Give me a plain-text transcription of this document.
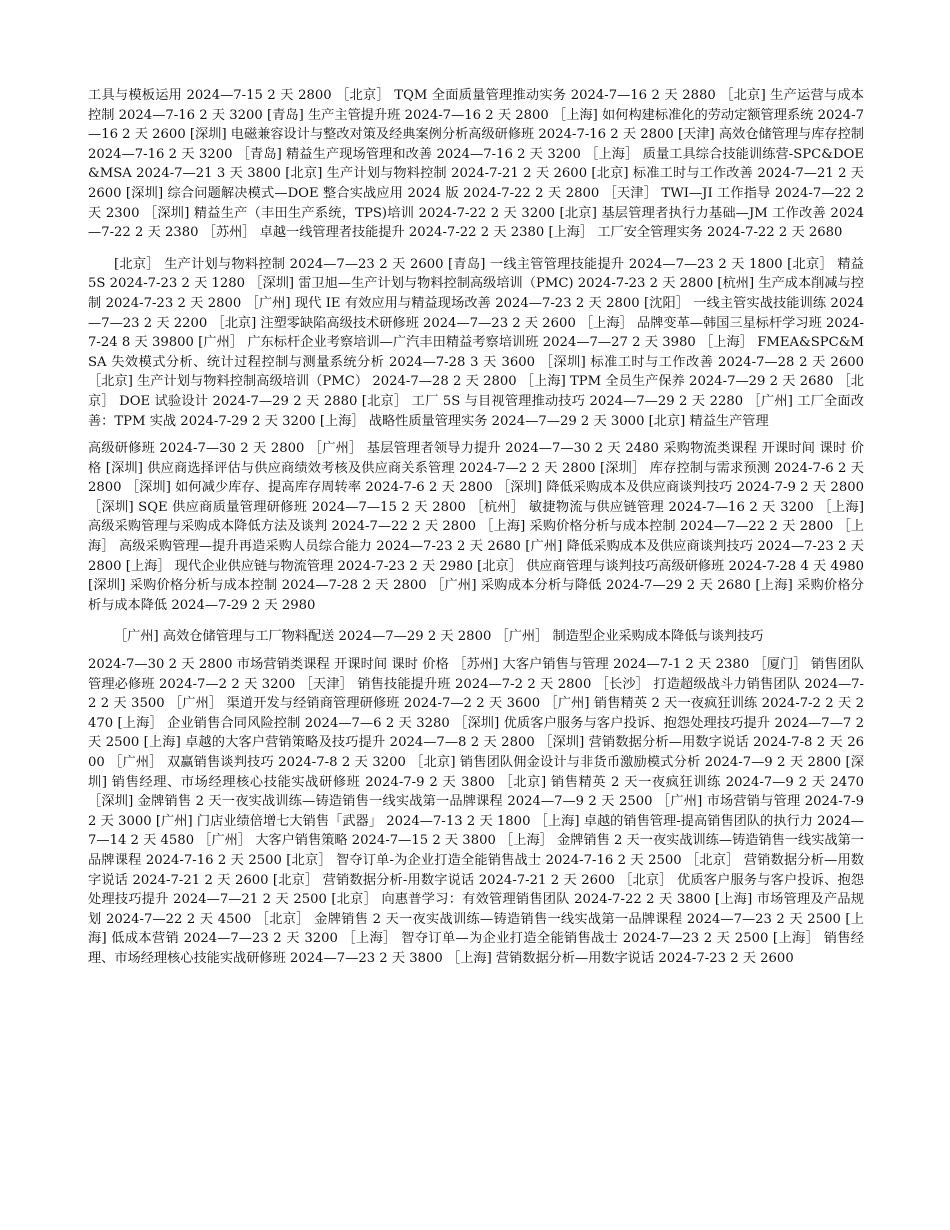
工具与模板运用 2024—7-15 2 天 2800 ［北京］ TQM 全面质量管理推动实务 2024-7—16 2 天 2880 ［北京] 生产运营与成本控制 2024—7-16 2 天 3200 [青岛] 生产主管提升班 2024-7—16 2 天 2800 ［上海] 如何构建标准化的劳动定额管理系统 2024-7—16 2 天 2600 [深圳] 电磁兼容设计与整改对策及经典案例分析高级研修班 2024-7-16 2 天 2800 [天津] 高效仓储管理与库存控制 2024—7-16 2 天 3200 ［青岛] 精益生产现场管理和改善 2024—7-16 2 天 3200 ［上海］ 质量工具综合技能训练营-SPC&DOE&MSA 2024-7—21 3 天 3800 [北京] 生产计划与物料控制 2024-7-21 2 天 2600 [北京] 标准工时与工作改善 2024-7—21 2 天 2600 [深圳] 综合问题解决模式—DOE 整合实战应用 2024 版 2024-7-22 2 天 2800 ［天津］ TWI—JI 工作指导 2024-7—22 2 天 2300 ［深圳] 精益生产（丰田生产系统，TPS)培训 2024-7-22 2 天 3200 [北京] 基层管理者执行力基础—JM 工作改善 2024—7-22 2 天 2380 ［苏州］ 卓越一线管理者技能提升 2024-7-22 2 天 2380 [上海］ 工厂安全管理实务 2024-7-22 2 天 2680

[北京］ 生产计划与物料控制 2024—7—23 2 天 2600 [青岛] 一线主管管理技能提升 2024—7—23 2 天 1800 [北京］ 精益 5S 2024-7-23 2 天 1280 ［深圳] 雷卫旭—生产计划与物料控制高级培训（PMC) 2024-7-23 2 天 2800 [杭州] 生产成本削减与控制 2024-7-23 2 天 2800 ［广州] 现代 IE 有效应用与精益现场改善 2024—7-23 2 天 2800 [沈阳］ 一线主管实战技能训练 2024—7—23 2 天 2200 ［北京] 注塑零缺陷高级技术研修班 2024—7—23 2 天 2600 ［上海］ 品牌变革—韩国三星标杆学习班 2024-7-24 8 天 39800 [广州］ 广东标杆企业考察培训—广汽丰田精益考察培训班 2024—7—27 2 天 3980 ［上海］ FMEA&SPC&MSA 失效模式分析、统计过程控制与测量系统分析 2024—7-28 3 天 3600 ［深圳] 标准工时与工作改善 2024-7—28 2 天 2600 ［北京] 生产计划与物料控制高级培训（PMC） 2024-7—28 2 天 2800 ［上海] TPM 全员生产保养 2024-7—29 2 天 2680 ［北京］ DOE 试验设计 2024-7—29 2 天 2880 [北京］ 工厂 5S 与目视管理推动技巧 2024—7—29 2 天 2280 ［广州] 工厂全面改善：TPM 实战 2024-7-29 2 天 3200 [上海］ 战略性质量管理实务 2024—7—29 2 天 3000 [北京] 精益生产管理

高级研修班 2024-7—30 2 天 2800 ［广州］ 基层管理者领导力提升 2024—7—30 2 天 2480 采购物流类课程 开课时间 课时 价格 [深圳] 供应商选择评估与供应商绩效考核及供应商关系管理 2024-7—2 2 天 2800 [深圳］ 库存控制与需求预测 2024-7-6 2 天 2800 ［深圳] 如何减少库存、提高库存周转率 2024-7-6 2 天 2800 ［深圳] 降低采购成本及供应商谈判技巧 2024-7-9 2 天 2800 ［深圳] SQE 供应商质量管理研修班 2024—7—15 2 天 2800 ［杭州］ 敏捷物流与供应链管理 2024-7—16 2 天 3200 ［上海] 高级采购管理与采购成本降低方法及谈判 2024-7—22 2 天 2800 ［上海] 采购价格分析与成本控制 2024—7—22 2 天 2800 ［上海］ 高级采购管理—提升再造采购人员综合能力 2024—7-23 2 天 2680 [广州] 降低采购成本及供应商谈判技巧 2024—7-23 2 天 2800 [上海］ 现代企业供应链与物流管理 2024-7-23 2 天 2980 [北京］ 供应商管理与谈判技巧高级研修班 2024-7-28 4 天 4980 [深圳] 采购价格分析与成本控制 2024—7-28 2 天 2800 ［广州] 采购成本分析与降低 2024-7—29 2 天 2680 [上海] 采购价格分析与成本降低 2024—7-29 2 天 2980

［广州] 高效仓储管理与工厂物料配送 2024—7—29 2 天 2800 ［广州］ 制造型企业采购成本降低与谈判技巧

2024-7—30 2 天 2800 市场营销类课程 开课时间 课时 价格 ［苏州] 大客户销售与管理 2024—7-1 2 天 2380 ［厦门］ 销售团队管理必修班 2024-7—2 2 天 3200 ［天津］ 销售技能提升班 2024—7-2 2 天 2800 ［长沙］ 打造超级战斗力销售团队 2024—7-2 2 天 3500 ［广州］ 渠道开发与经销商管理研修班 2024-7—2 2 天 3600 ［广州] 销售精英 2 天一夜疯狂训练 2024-7-2 2 天 2470 [上海］ 企业销售合同风险控制 2024—7—6 2 天 3280 ［深圳] 优质客户服务与客户投诉、抱怨处理技巧提升 2024—7—7 2 天 2500 [上海] 卓越的大客户营销策略及技巧提升 2024—7—8 2 天 2800 ［深圳] 营销数据分析—用数字说话 2024-7-8 2 天 2600 ［广州］ 双赢销售谈判技巧 2024-7-8 2 天 3200 ［北京] 销售团队佣金设计与非货币激励模式分析 2024-7—9 2 天 2800 [深圳] 销售经理、市场经理核心技能实战研修班 2024-7-9 2 天 3800 ［北京] 销售精英 2 天一夜疯狂训练 2024-7—9 2 天 2470 ［深圳] 金牌销售 2 天一夜实战训练—铸造销售一线实战第一品牌课程 2024—7—9 2 天 2500 ［广州] 市场营销与管理 2024-7-9 2 天 3000 [广州] 门店业绩倍增七大销售「武器」 2024—7-13 2 天 1800 ［上海] 卓越的销售管理-提高销售团队的执行力 2024—7—14 2 天 4580 ［广州］ 大客户销售策略 2024-7—15 2 天 3800 ［上海］ 金牌销售 2 天一夜实战训练—铸造销售一线实战第一品牌课程 2024-7-16 2 天 2500 [北京］ 智夺订单-为企业打造全能销售战士 2024-7-16 2 天 2500 ［北京］ 营销数据分析—用数字说话 2024-7-21 2 天 2600 [北京］ 营销数据分析-用数字说话 2024-7-21 2 天 2600 ［北京］ 优质客户服务与客户投诉、抱怨处理技巧提升 2024—7—21 2 天 2500 [北京］ 向惠普学习：有效管理销售团队 2024-7-22 2 天 3800 [上海] 市场管理及产品规划 2024-7—22 2 天 4500 ［北京］ 金牌销售 2 天一夜实战训练—铸造销售一线实战第一品牌课程 2024—7—23 2 天 2500 [上海] 低成本营销 2024—7—23 2 天 3200 ［上海］ 智夺订单—为企业打造全能销售战士 2024-7—23 2 天 2500 [上海］ 销售经理、市场经理核心技能实战研修班 2024—7—23 2 天 3800 ［上海] 营销数据分析—用数字说话 2024-7-23 2 天 2600
